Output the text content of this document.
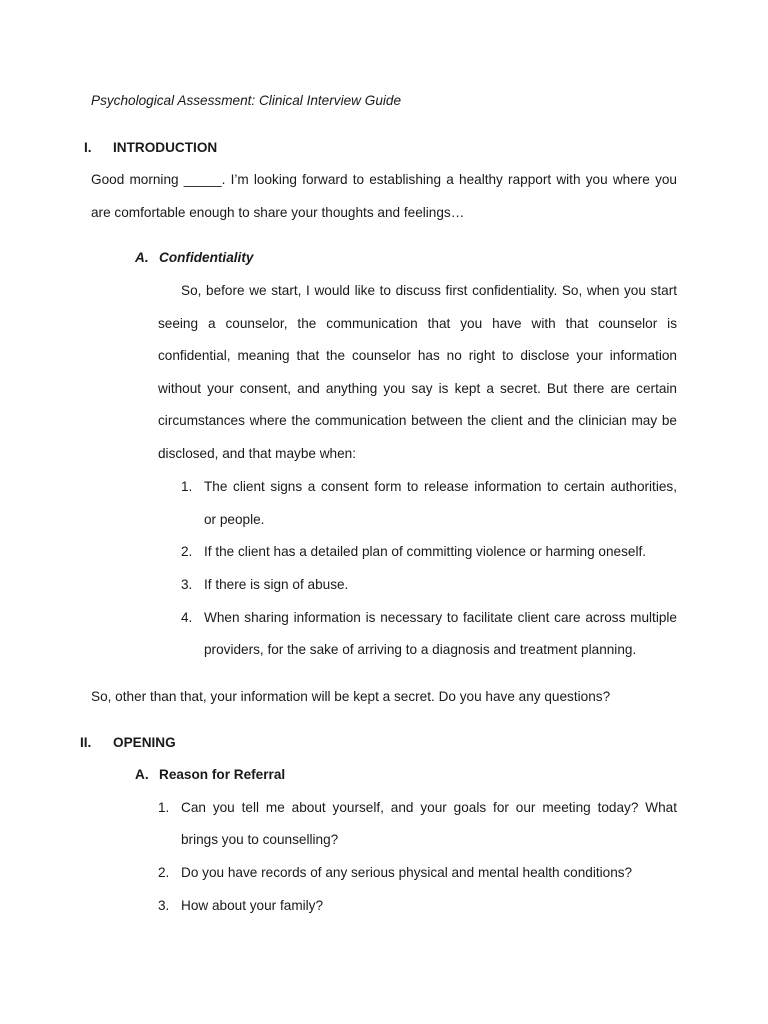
Psychological Assessment: Clinical Interview Guide
I. INTRODUCTION
Good morning _____. I’m looking forward to establishing a healthy rapport with you where you
are comfortable enough to share your thoughts and feelings…
A. Confidentiality
So, before we start, I would like to discuss first confidentiality. So, when you start
seeing a counselor, the communication that you have with that counselor is
confidential, meaning that the counselor has no right to disclose your information
without your consent, and anything you say is kept a secret. But there are certain
circumstances where the communication between the client and the clinician may be
disclosed, and that maybe when:
1. The client signs a consent form to release information to certain authorities,
or people.
2. If the client has a detailed plan of committing violence or harming oneself.
3. If there is sign of abuse.
4. When sharing information is necessary to facilitate client care across multiple
providers, for the sake of arriving to a diagnosis and treatment planning.
So, other than that, your information will be kept a secret. Do you have any questions?
II. OPENING
A. Reason for Referral
1. Can you tell me about yourself, and your goals for our meeting today? What
brings you to counselling?
2. Do you have records of any serious physical and mental health conditions?
3. How about your family?
